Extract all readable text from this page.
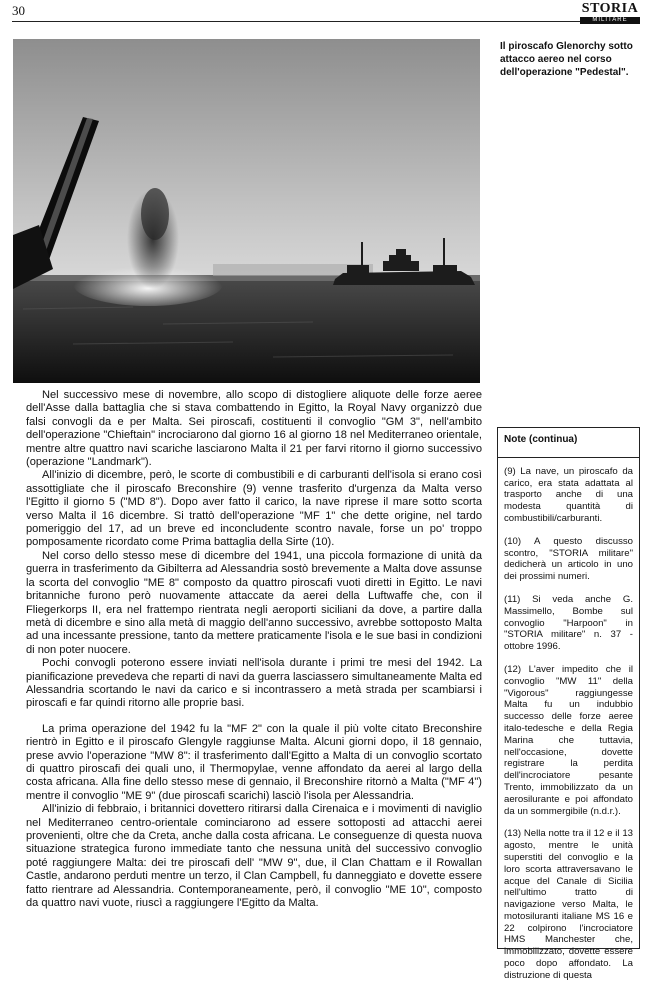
30	STORIA
MILITARE
Il piroscafo Glenorchy sotto attacco aereo nel corso dell'operazione "Pedestal".

Nel successivo mese di novembre, allo scopo di distogliere aliquote delle forze aeree dell'Asse dalla battaglia che si stava combattendo in Egitto, la Royal Navy organizzò due falsi convogli da e per Malta. Sei piroscafi, costituenti il convoglio "GM 3", nell'ambito dell'operazione "Chieftain" incrociarono dal giorno 16 al giorno 18 nel Mediterraneo orientale, mentre altre quattro navi scariche lasciarono Malta il 21 per farvi ritorno il giorno successivo (operazione "Landmark").

All'inizio di dicembre, però, le scorte di combustibili e di carburanti dell'isola si erano così assottigliate che il piroscafo Breconshire (9) venne trasferito d'urgenza da Malta verso l'Egitto il giorno 5 ("MD 8"). Dopo aver fatto il carico, la nave riprese il mare sotto scorta verso Malta il 16 dicembre. Si trattò dell'operazione "MF 1" che dette origine, nel tardo pomeriggio del 17, ad un breve ed inconcludente scontro navale, forse un po' troppo pomposamente ricordato come Prima battaglia della Sirte (10).

Nel corso dello stesso mese di dicembre del 1941, una piccola formazione di unità da guerra in trasferimento da Gibilterra ad Alessandria sostò brevemente a Malta dove assunse la scorta del convoglio "ME 8" composto da quattro piroscafi vuoti diretti in Egitto. Le navi britanniche furono però nuovamente attaccate da aerei della Luftwaffe che, con il Fliegerkorps II, era nel frattempo rientrata negli aeroporti siciliani da dove, a partire dalla metà di dicembre e sino alla metà di maggio dell'anno successivo, avrebbe sottoposto Malta ad una incessante pressione, tanto da mettere praticamente l'isola e le sue basi in condizioni di non poter nuocere.

Pochi convogli poterono essere inviati nell'isola durante i primi tre mesi del 1942. La pianificazione prevedeva che reparti di navi da guerra lasciassero simultaneamente Malta ed Alessandria scortando le navi da carico e si incontrassero a metà strada per scambiarsi i piroscafi e far quindi ritorno alle proprie basi.

La prima operazione del 1942 fu la "MF 2" con la quale il più volte citato Breconshire rientrò in Egitto e il piroscafo Glengyle raggiunse Malta. Alcuni giorni dopo, il 18 gennaio, prese avvio l'operazione "MW 8": il trasferimento dall'Egitto a Malta di un convoglio scortato di quattro piroscafi dei quali uno, il Thermopylae, venne affondato da aerei al largo della costa africana. Alla fine dello stesso mese di gennaio, il Breconshire ritornò a Malta ("MF 4") mentre il convoglio "ME 9" (due piroscafi scarichi) lasciò l'isola per Alessandria.

All'inizio di febbraio, i britannici dovettero ritirarsi dalla Cirenaica e i movimenti di naviglio nel Mediterraneo centro-orientale cominciarono ad essere sottoposti ad attacchi aerei provenienti, oltre che da Creta, anche dalla costa africana. Le conseguenze di questa nuova situazione strategica furono immediate tanto che nessuna unità del successivo convoglio poté raggiungere Malta: dei tre piroscafi dell' "MW 9", due, il Clan Chattam e il Rowallan Castle, andarono perduti mentre un terzo, il Clan Campbell, fu danneggiato e dovette essere fatto rientrare ad Alessandria. Contemporaneamente, però, il convoglio "ME 10", composto da quattro navi vuote, riuscì a raggiungere l'Egitto da Malta.

Note (continua)

(9) La nave, un piroscafo da carico, era stata adattata al trasporto anche di una modesta quantità di combustibili/carburanti.

(10) A questo discusso scontro, "STORIA militare" dedicherà un articolo in uno dei prossimi numeri.

(11) Si veda anche G. Massimello, Bombe sul convoglio "Harpoon" in "STORIA militare" n. 37 - ottobre 1996.

(12) L'aver impedito che il convoglio "MW 11" della "Vigorous" raggiungesse Malta fu un indubbio successo delle forze aeree italo-tedesche e della Regia Marina che tuttavia, nell'occasione, dovette registrare la perdita dell'incrociatore pesante Trento, immobilizzato da un aerosilurante e poi affondato da un sommergibile (n.d.r.).

(13) Nella notte tra il 12 e il 13 agosto, mentre le unità superstiti del convoglio e la loro scorta attraversavano le acque del Canale di Sicilia nell'ultimo tratto di navigazione verso Malta, le motosiluranti italiane MS 16 e 22 colpirono l'incrociatore HMS Manchester che, immobilizzato, dovette essere poco dopo affondato. La distruzione di questa
